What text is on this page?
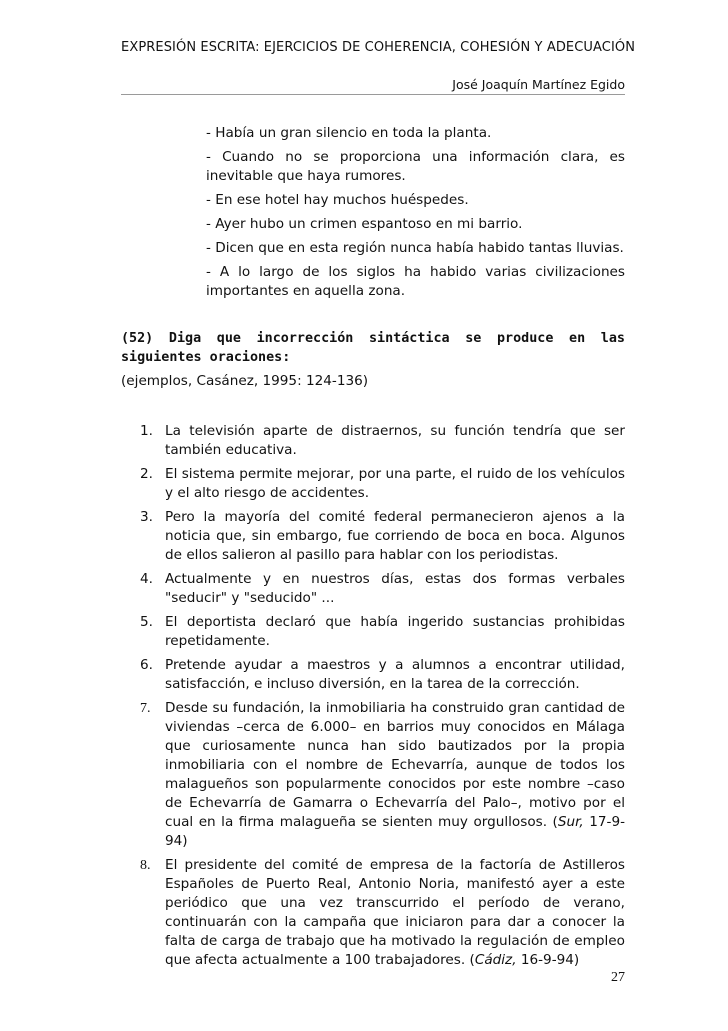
EXPRESIÓN ESCRITA: EJERCICIOS DE COHERENCIA, COHESIÓN Y ADECUACIÓN
José Joaquín Martínez Egido
- Había un gran silencio en toda la planta.
- Cuando no se proporciona una información clara, es inevitable que haya rumores.
- En ese hotel hay muchos huéspedes.
- Ayer hubo un crimen espantoso en mi barrio.
- Dicen que en esta región nunca había habido tantas lluvias.
- A lo largo de los siglos ha habido varias civilizaciones importantes en aquella zona.
(52) Diga que incorrección sintáctica se produce en las siguientes oraciones:
(ejemplos, Casánez, 1995: 124-136)
1. La televisión aparte de distraernos, su función tendría que ser también educativa.
2. El sistema permite mejorar, por una parte, el ruido de los vehículos y el alto riesgo de accidentes.
3. Pero la mayoría del comité federal permanecieron ajenos a la noticia que, sin embargo, fue corriendo de boca en boca. Algunos de ellos salieron al pasillo para hablar con los periodistas.
4. Actualmente y en nuestros días, estas dos formas verbales "seducir" y "seducido" ...
5. El deportista declaró que había ingerido sustancias prohibidas repetidamente.
6. Pretende ayudar a maestros y a alumnos a encontrar utilidad, satisfacción, e incluso diversión, en la tarea de la corrección.
7. Desde su fundación, la inmobiliaria ha construido gran cantidad de viviendas –cerca de 6.000– en barrios muy conocidos en Málaga que curiosamente nunca han sido bautizados por la propia inmobiliaria con el nombre de Echevarría, aunque de todos los malagueños son popularmente conocidos por este nombre –caso de Echevarría de Gamarra o Echevarría del Palo–, motivo por el cual en la firma malagueña se sienten muy orgullosos. (Sur, 17-9-94)
8. El presidente del comité de empresa de la factoría de Astilleros Españoles de Puerto Real, Antonio Noria, manifestó ayer a este periódico que una vez transcurrido el período de verano, continuarán con la campaña que iniciaron para dar a conocer la falta de carga de trabajo que ha motivado la regulación de empleo que afecta actualmente a 100 trabajadores. (Cádiz, 16-9-94)
27
